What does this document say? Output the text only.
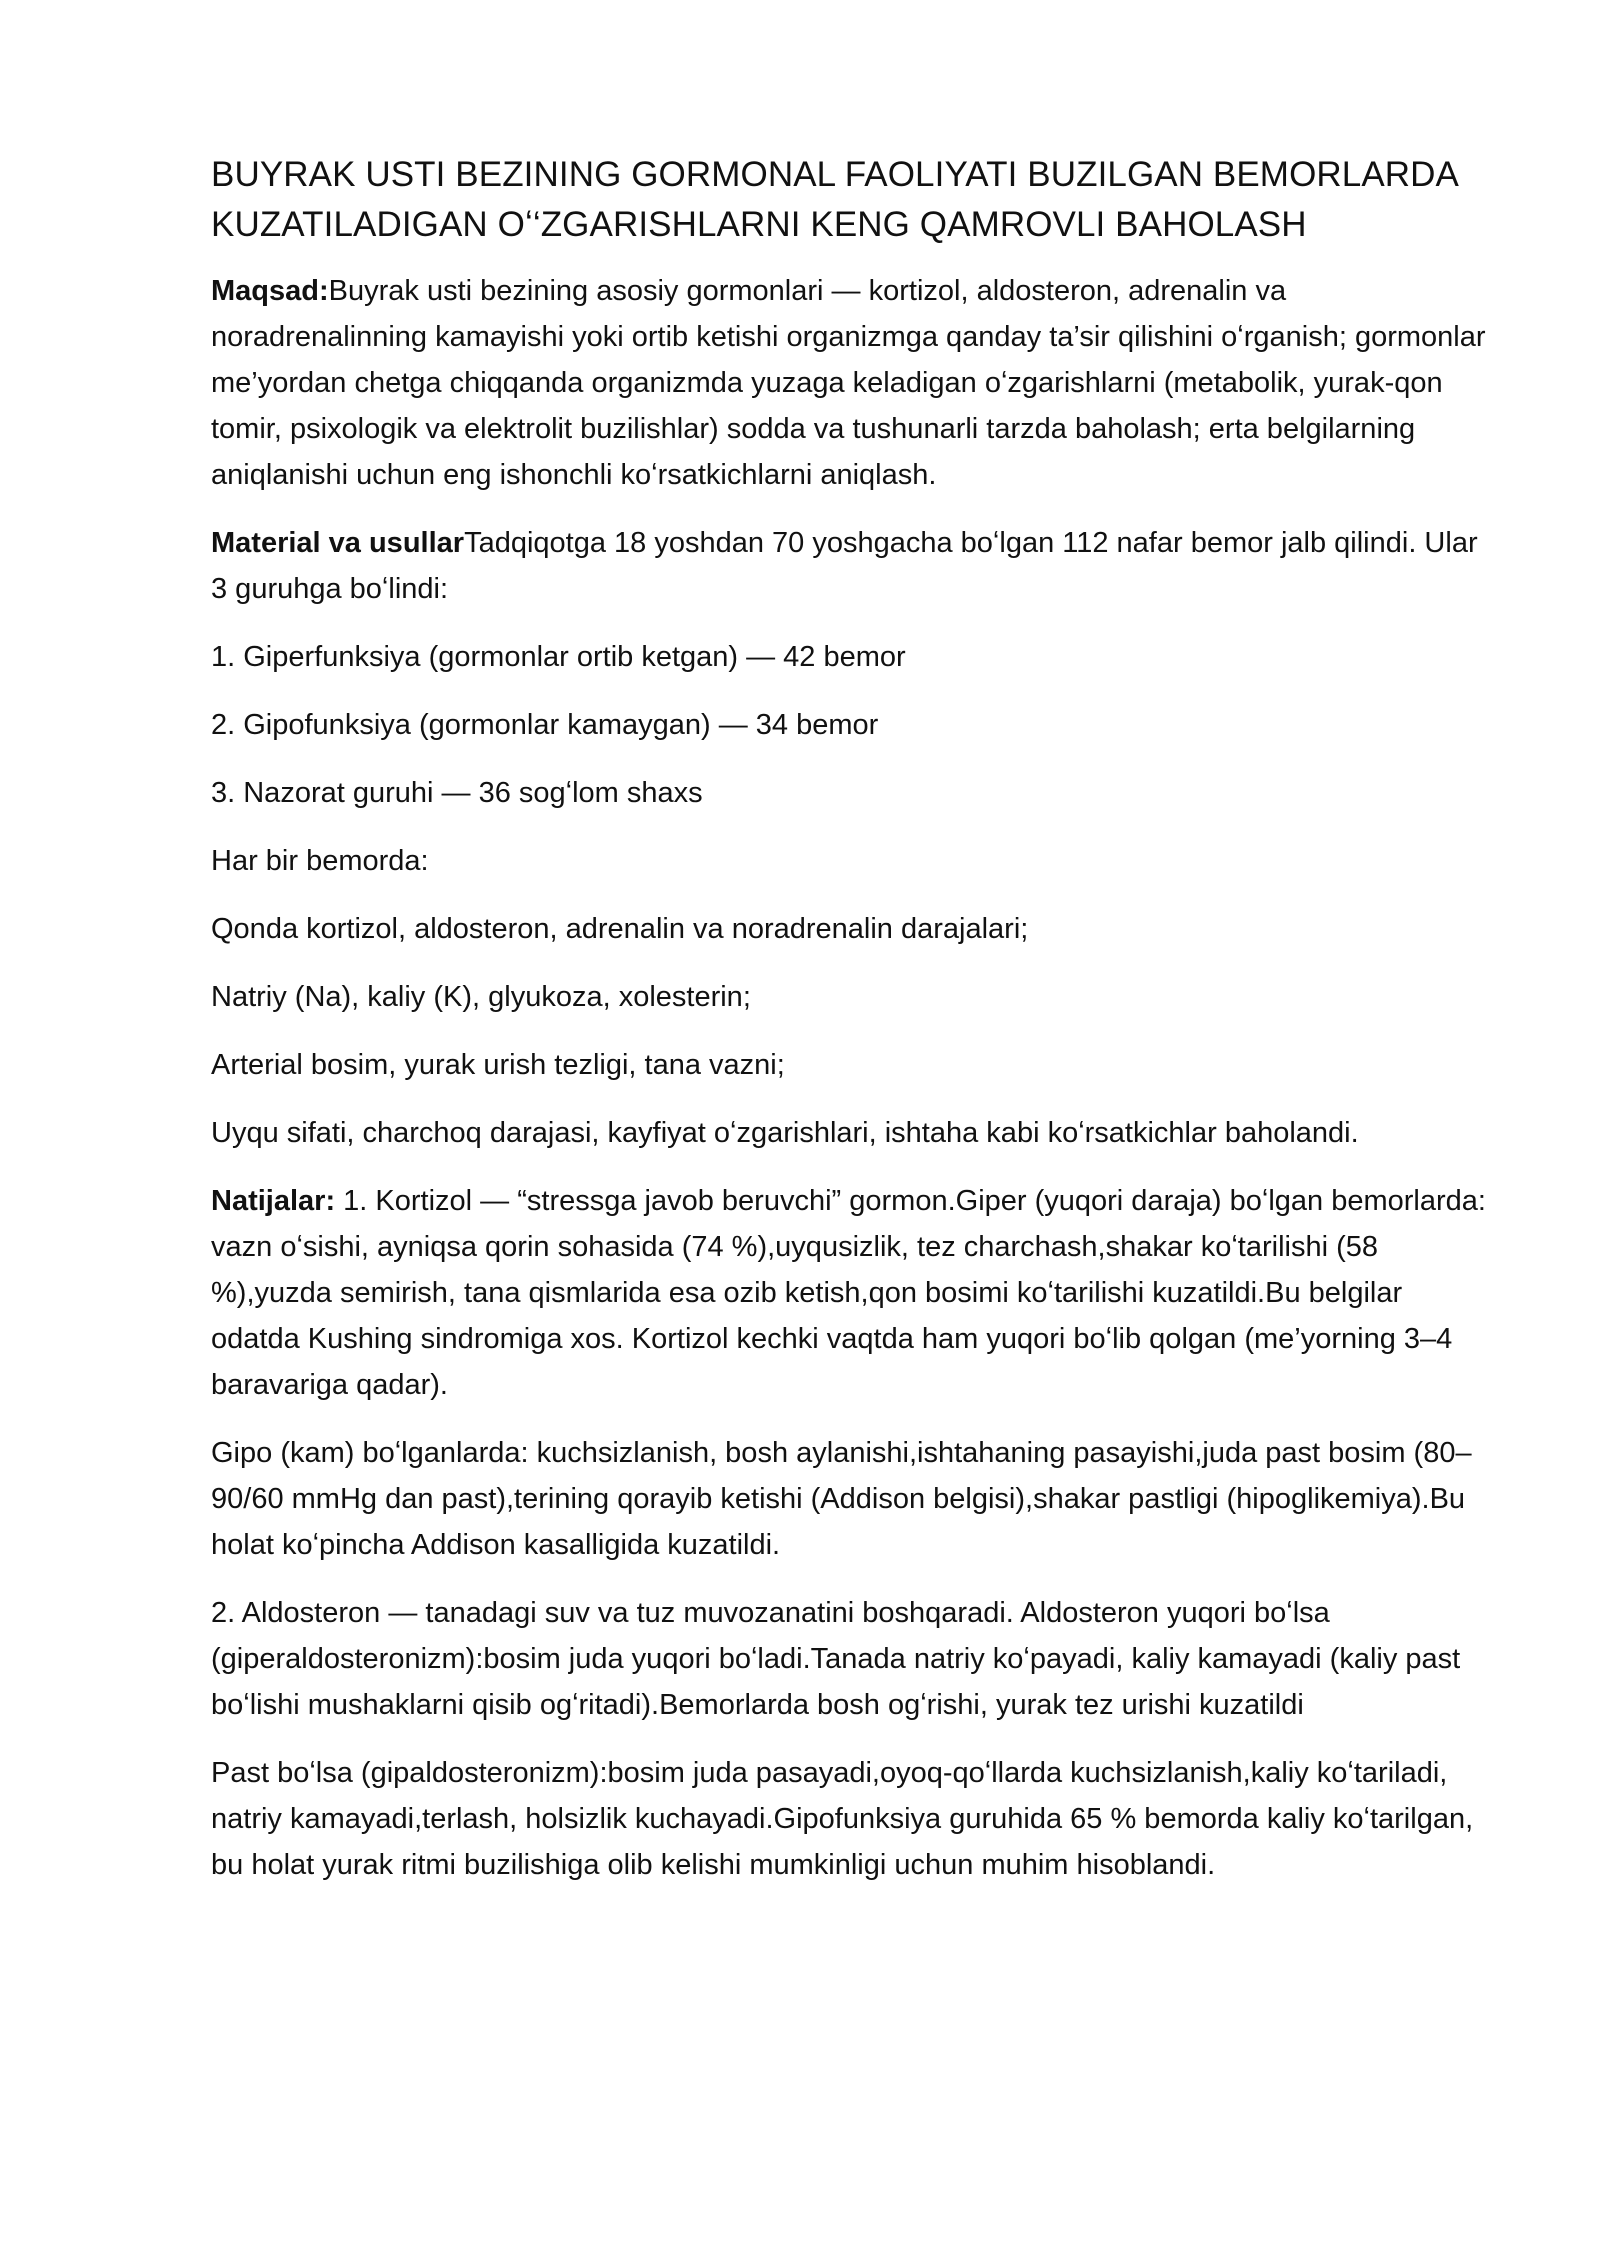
BUYRAK USTI BEZINING GORMONAL FAOLIYATI BUZILGAN BEMORLARDA
KUZATILADIGAN Oʻ‘ZGARISHLARNI KENG QAMROVLI BAHOLASH

Maqsad:Buyrak usti bezining asosiy gormonlari — kortizol, aldosteron, adrenalin va noradrenalinning kamayishi yoki ortib ketishi organizmga qanday ta’sir qilishini oʻrganish; gormonlar me’yordan chetga chiqqanda organizmda yuzaga keladigan oʻzgarishlarni (metabolik, yurak-qon tomir, psixologik va elektrolit buzilishlar) sodda va tushunarli tarzda baholash; erta belgilarning aniqlanishi uchun eng ishonchli koʻrsatkichlarni aniqlash.

Material va usullarTadqiqotga 18 yoshdan 70 yoshgacha boʻlgan 112 nafar bemor jalb qilindi. Ular 3 guruhga boʻlindi:

1. Giperfunksiya (gormonlar ortib ketgan) — 42 bemor

2. Gipofunksiya (gormonlar kamaygan) — 34 bemor

3. Nazorat guruhi — 36 sogʻlom shaxs

Har bir bemorda:

Qonda kortizol, aldosteron, adrenalin va noradrenalin darajalari;

Natriy (Na), kaliy (K), glyukoza, xolesterin;

Arterial bosim, yurak urish tezligi, tana vazni;

Uyqu sifati, charchoq darajasi, kayfiyat oʻzgarishlari, ishtaha kabi koʻrsatkichlar baholandi.

Natijalar: 1. Kortizol — “stressga javob beruvchi” gormon.Giper (yuqori daraja) boʻlgan bemorlarda: vazn oʻsishi, ayniqsa qorin sohasida (74 %),uyqusizlik, tez charchash,shakar koʻtarilishi (58 %),yuzda semirish, tana qismlarida esa ozib ketish,qon bosimi koʻtarilishi kuzatildi.Bu belgilar odatda Kushing sindromiga xos. Kortizol kechki vaqtda ham yuqori boʻlib qolgan (me’yorning 3–4 baravariga qadar).

Gipo (kam) boʻlganlarda: kuchsizlanish, bosh aylanishi,ishtahaning pasayishi,juda past bosim (80–90/60 mmHg dan past),terining qorayib ketishi (Addison belgisi),shakar pastligi (hipoglikemiya).Bu holat koʻpincha Addison kasalligida kuzatildi.

2. Aldosteron — tanadagi suv va tuz muvozanatini boshqaradi. Aldosteron yuqori boʻlsa (giperaldosteronizm):bosim juda yuqori boʻladi.Tanada natriy koʻpayadi, kaliy kamayadi (kaliy past boʻlishi mushaklarni qisib ogʻritadi).Bemorlarda bosh ogʻrishi, yurak tez urishi kuzatildi

Past boʻlsa (gipaldosteronizm):bosim juda pasayadi,oyoq-qoʻllarda kuchsizlanish,kaliy koʻtariladi, natriy kamayadi,terlash, holsizlik kuchayadi.Gipofunksiya guruhida 65 % bemorda kaliy koʻtarilgan, bu holat yurak ritmi buzilishiga olib kelishi mumkinligi uchun muhim hisoblandi.
